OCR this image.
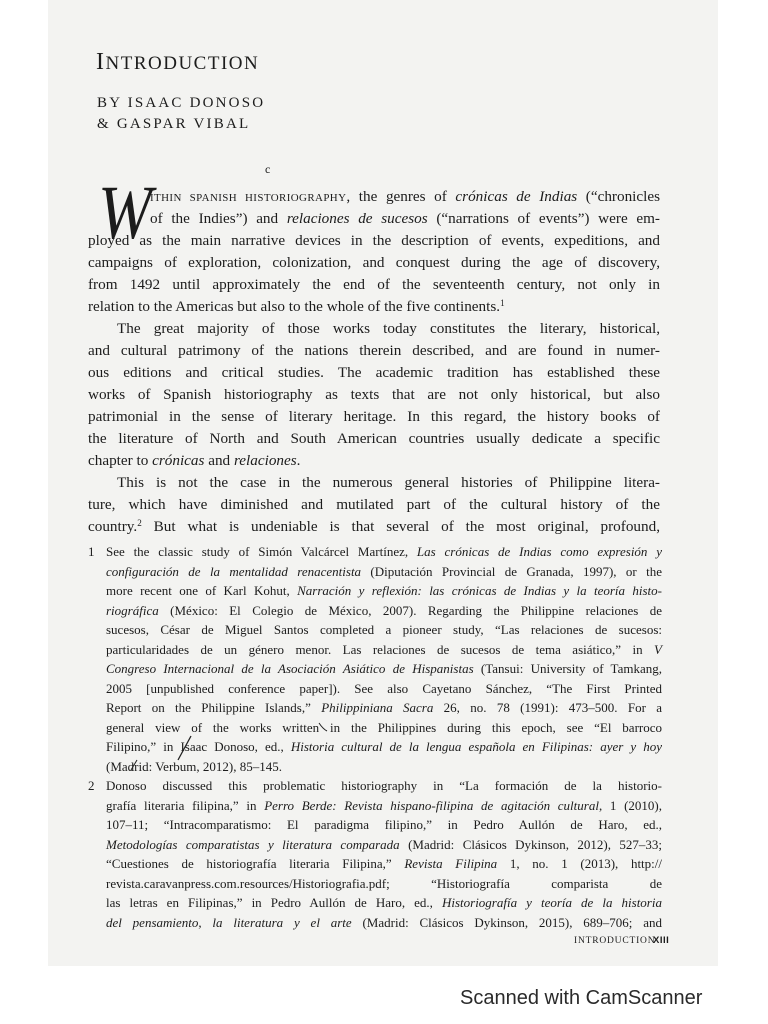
INTRODUCTION
BY ISAAC DONOSO
& GASPAR VIBAL
c
W
ITHIN SPANISH HISTORIOGRAPHY, the genres of crónicas de Indias (“chronicles
of the Indies”) and relaciones de sucesos (“narrations of events”) were em-
ployed as the main narrative devices in the description of events, expeditions, and
campaigns of exploration, colonization, and conquest during the age of discovery,
from 1492 until approximately the end of the seventeenth century, not only in
relation to the Americas but also to the whole of the five continents.$^1$
The great majority of those works today constitutes the literary, historical,
and cultural patrimony of the nations therein described, and are found in numer-
ous editions and critical studies. The academic tradition has established these
works of Spanish historiography as texts that are not only historical, but also
patrimonial in the sense of literary heritage. In this regard, the history books of
the literature of North and South American countries usually dedicate a specific
chapter to crónicas and relaciones.
This is not the case in the numerous general histories of Philippine litera-
ture, which have diminished and mutilated part of the cultural history of the
country.$^2$ But what is undeniable is that several of the most original, profound,
1 See the classic study of Simón Valcárcel Martínez, Las crónicas de Indias como expresión y
configuración de la mentalidad renacentista (Diputación Provincial de Granada, 1997), or the
more recent one of Karl Kohut, Narración y reflexión: las crónicas de Indias y la teoría histo-
riográfica (México: El Colegio de México, 2007). Regarding the Philippine relaciones de
sucesos, César de Miguel Santos completed a pioneer study, “Las relaciones de sucesos:
particularidades de un género menor. Las relaciones de sucesos de tema asiático,” in V
Congreso Internacional de la Asociación Asiático de Hispanistas (Tansui: University of Tamkang,
2005 [unpublished conference paper]). See also Cayetano Sánchez, “The First Printed
Report on the Philippine Islands,” Philippiniana Sacra 26, no. 78 (1991): 473–500. For a
general view of the works written in the Philippines during this epoch, see “El barroco
Filipino,” in Isaac Donoso, ed., Historia cultural de la lengua española en Filipinas: ayer y hoy
(Madrid: Verbum, 2012), 85–145.
2 Donoso discussed this problematic historiography in “La formación de la historio-
grafía literaria filipina,” in Perro Berde: Revista hispano-filipina de agitación cultural, 1 (2010),
107–11; “Intracomparatismo: El paradigma filipino,” in Pedro Aullón de Haro, ed.,
Metodologías comparatistas y literatura comparada (Madrid: Clásicos Dykinson, 2012), 527–33;
“Cuestiones de historiografía literaria Filipina,” Revista Filipina 1, no. 1 (2013), http://
revista.caravanpress.com.resources/Historiografia.pdf; “Historiografía comparista de
las letras en Filipinas,” in Pedro Aullón de Haro, ed., Historiografía y teoría de la historia
del pensamiento, la literatura y el arte (Madrid: Clásicos Dykinson, 2015), 689–706; and
INTRODUCTION
XIII
Scanned with CamScanner
